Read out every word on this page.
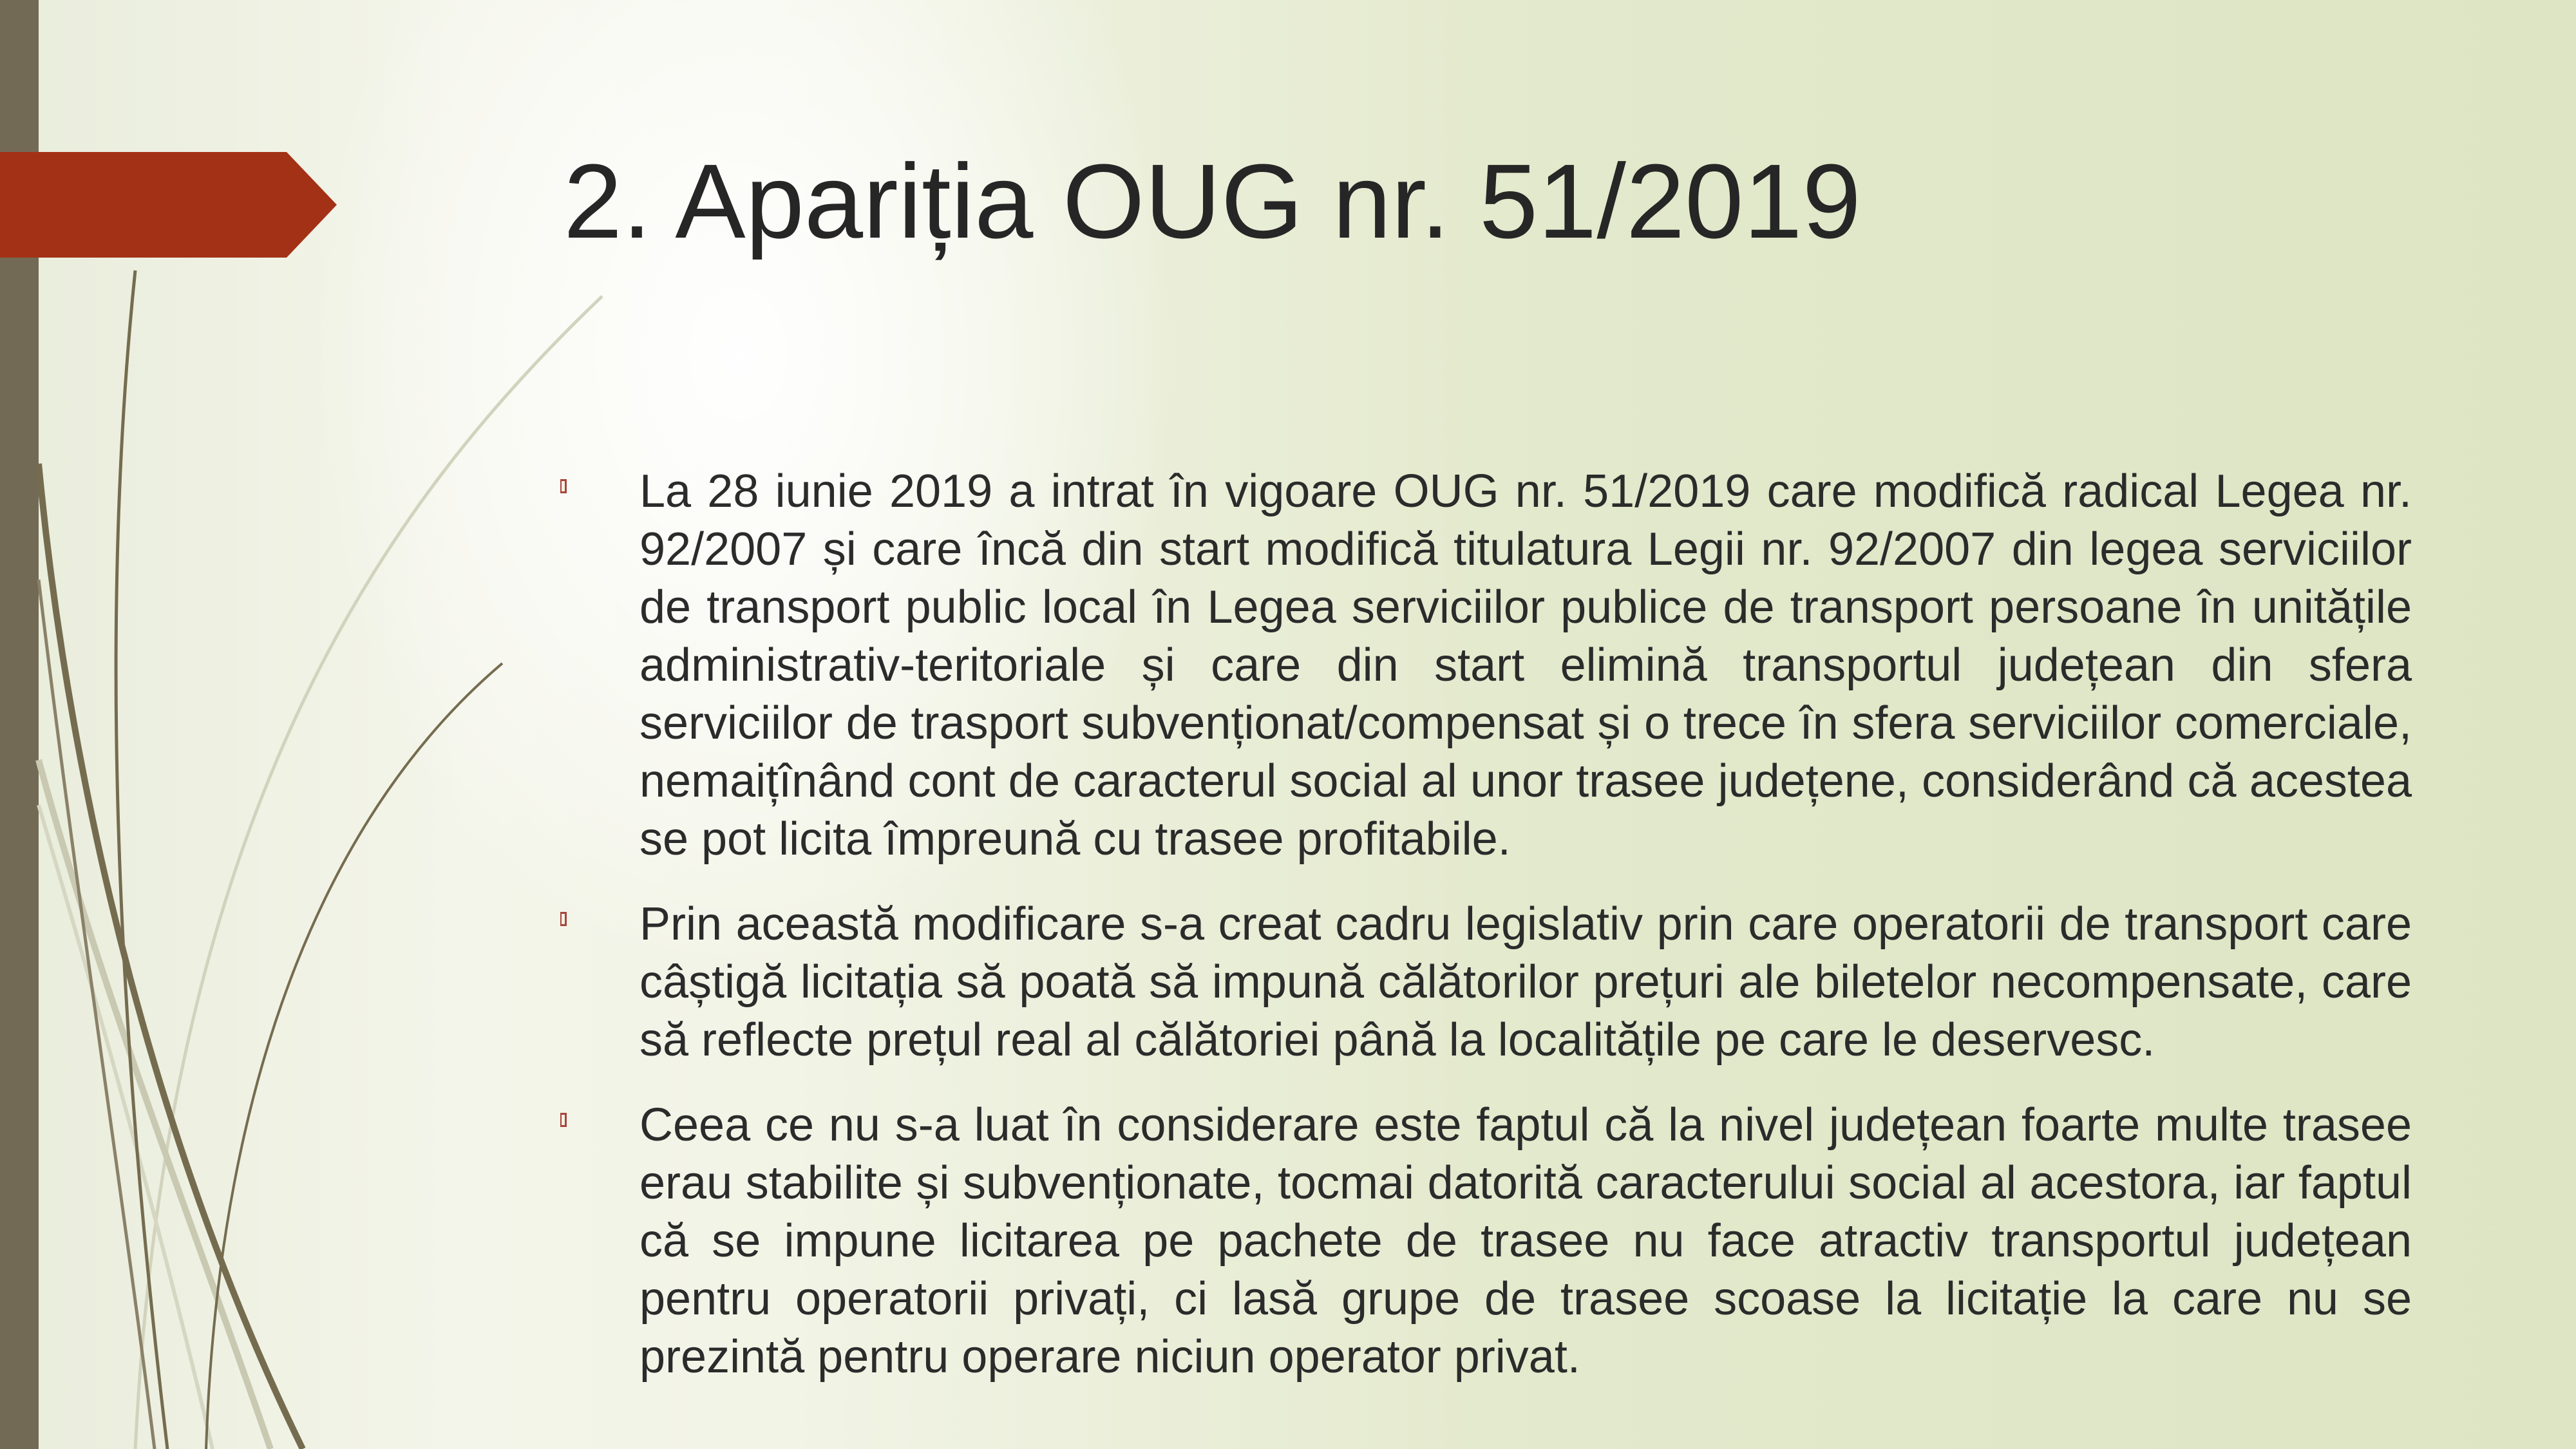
2. Apariția OUG nr. 51/2019

La 28 iunie 2019 a intrat în vigoare OUG nr. 51/2019 care modifică radical Legea nr. 92/2007 și care încă din start modifică titulatura Legii nr. 92/2007 din legea serviciilor de transport public local în Legea serviciilor publice de transport persoane în unitățile administrativ-teritoriale și care din start elimină transportul județean din sfera serviciilor de trasport subvenționat/compensat și o trece în sfera serviciilor comerciale, nemaițînând cont de caracterul social al unor trasee județene, considerând că acestea se pot licita împreună cu trasee profitabile.

Prin această modificare s-a creat cadru legislativ prin care operatorii de transport care câștigă licitația să poată să impună călătorilor prețuri ale biletelor necompensate, care să reflecte prețul real al călătoriei până la localitățile pe care le deservesc.

Ceea ce nu s-a luat în considerare este faptul că la nivel județean foarte multe trasee erau stabilite și subvenționate, tocmai datorită caracterului social al acestora, iar faptul că se impune licitarea pe pachete de trasee nu face atractiv transportul județean pentru operatorii privați, ci lasă grupe de trasee scoase la licitație la care nu se prezintă pentru operare niciun operator privat.
